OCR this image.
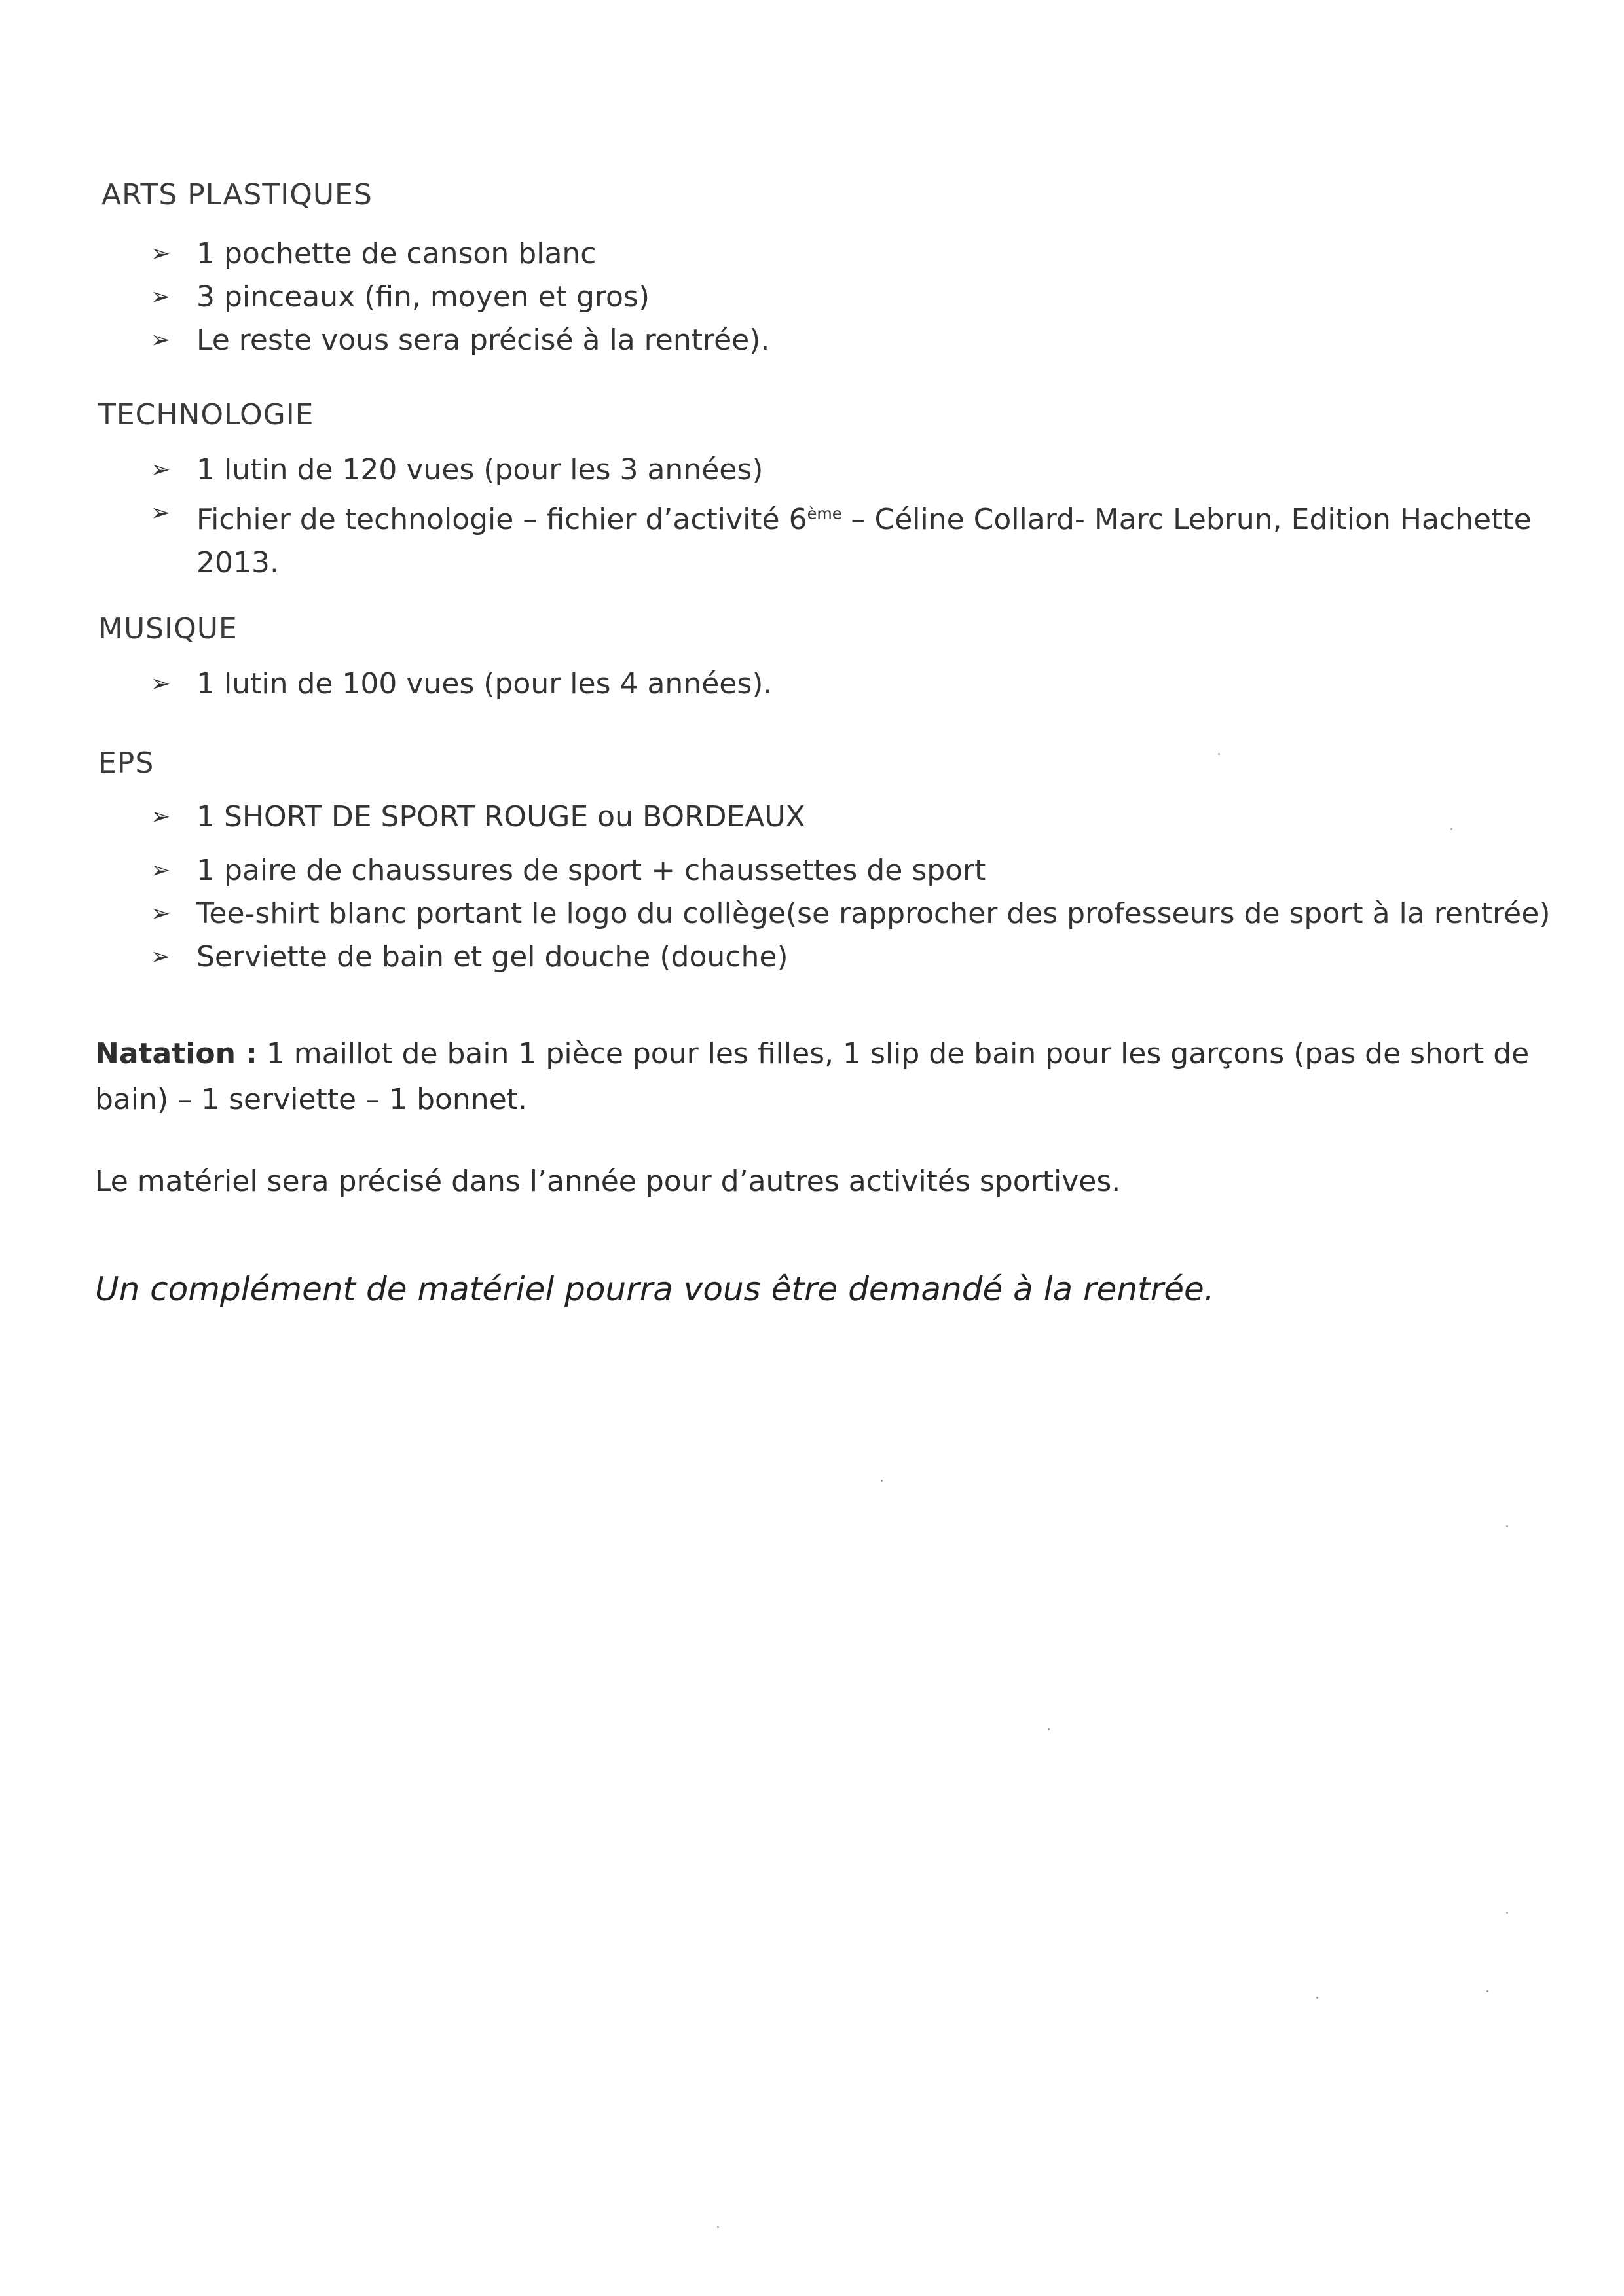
ARTS PLASTIQUES
➢ 1 pochette de canson blanc
➢ 3 pinceaux (fin, moyen et gros)
➢ Le reste vous sera précisé à la rentrée).
TECHNOLOGIE
➢ 1 lutin de 120 vues (pour les 3 années)
➢ Fichier de technologie – fichier d’activité 6ème – Céline Collard- Marc Lebrun, Edition Hachette 2013.
MUSIQUE
➢ 1 lutin de 100 vues (pour les 4 années).
EPS
➢ 1 SHORT DE SPORT ROUGE ou BORDEAUX
➢ 1 paire de chaussures de sport + chaussettes de sport
➢ Tee-shirt blanc portant le logo du collège(se rapprocher des professeurs de sport à la rentrée)
➢ Serviette de bain et gel douche (douche)

Natation : 1 maillot de bain 1 pièce pour les filles, 1 slip de bain pour les garçons (pas de short de bain) – 1 serviette – 1 bonnet.

Le matériel sera précisé dans l’année pour d’autres activités sportives.

Un complément de matériel pourra vous être demandé à la rentrée.
